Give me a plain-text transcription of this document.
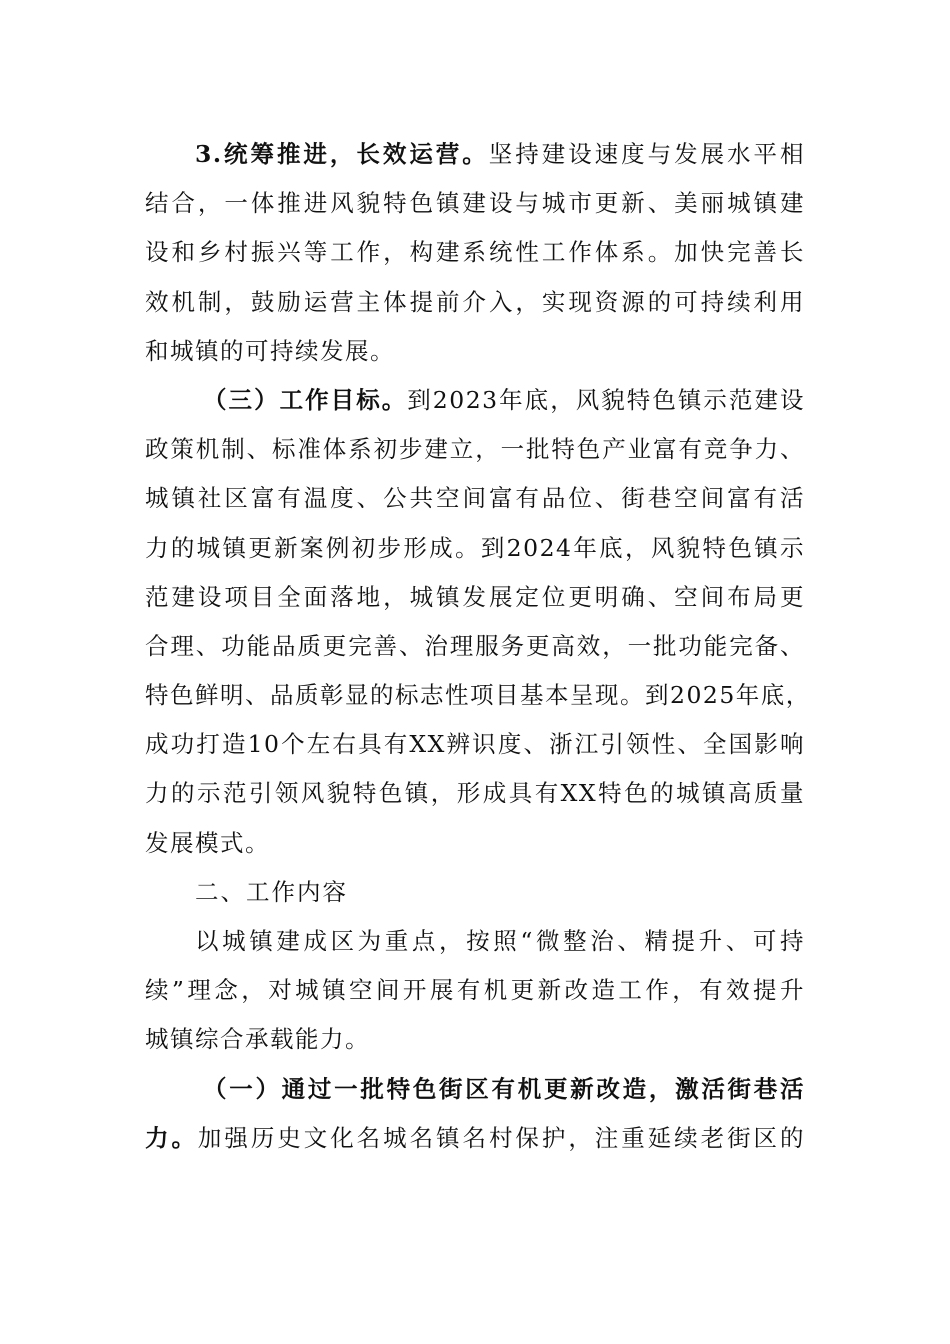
3.统筹推进，长效运营。坚持建设速度与发展水平相
结合，一体推进风貌特色镇建设与城市更新、美丽城镇建
设和乡村振兴等工作，构建系统性工作体系。加快完善长
效机制，鼓励运营主体提前介入，实现资源的可持续利用
和城镇的可持续发展。
（三）工作目标。到2023年底，风貌特色镇示范建设
政策机制、标准体系初步建立，一批特色产业富有竞争力、
城镇社区富有温度、公共空间富有品位、街巷空间富有活
力的城镇更新案例初步形成。到2024年底，风貌特色镇示
范建设项目全面落地，城镇发展定位更明确、空间布局更
合理、功能品质更完善、治理服务更高效，一批功能完备、
特色鲜明、品质彰显的标志性项目基本呈现。到2025年底，
成功打造10个左右具有XX辨识度、浙江引领性、全国影响
力的示范引领风貌特色镇，形成具有XX特色的城镇高质量
发展模式。
二、工作内容
以城镇建成区为重点，按照“微整治、精提升、可持
续”理念，对城镇空间开展有机更新改造工作，有效提升
城镇综合承载能力。
（一）通过一批特色街区有机更新改造，激活街巷活
力。加强历史文化名城名镇名村保护，注重延续老街区的
